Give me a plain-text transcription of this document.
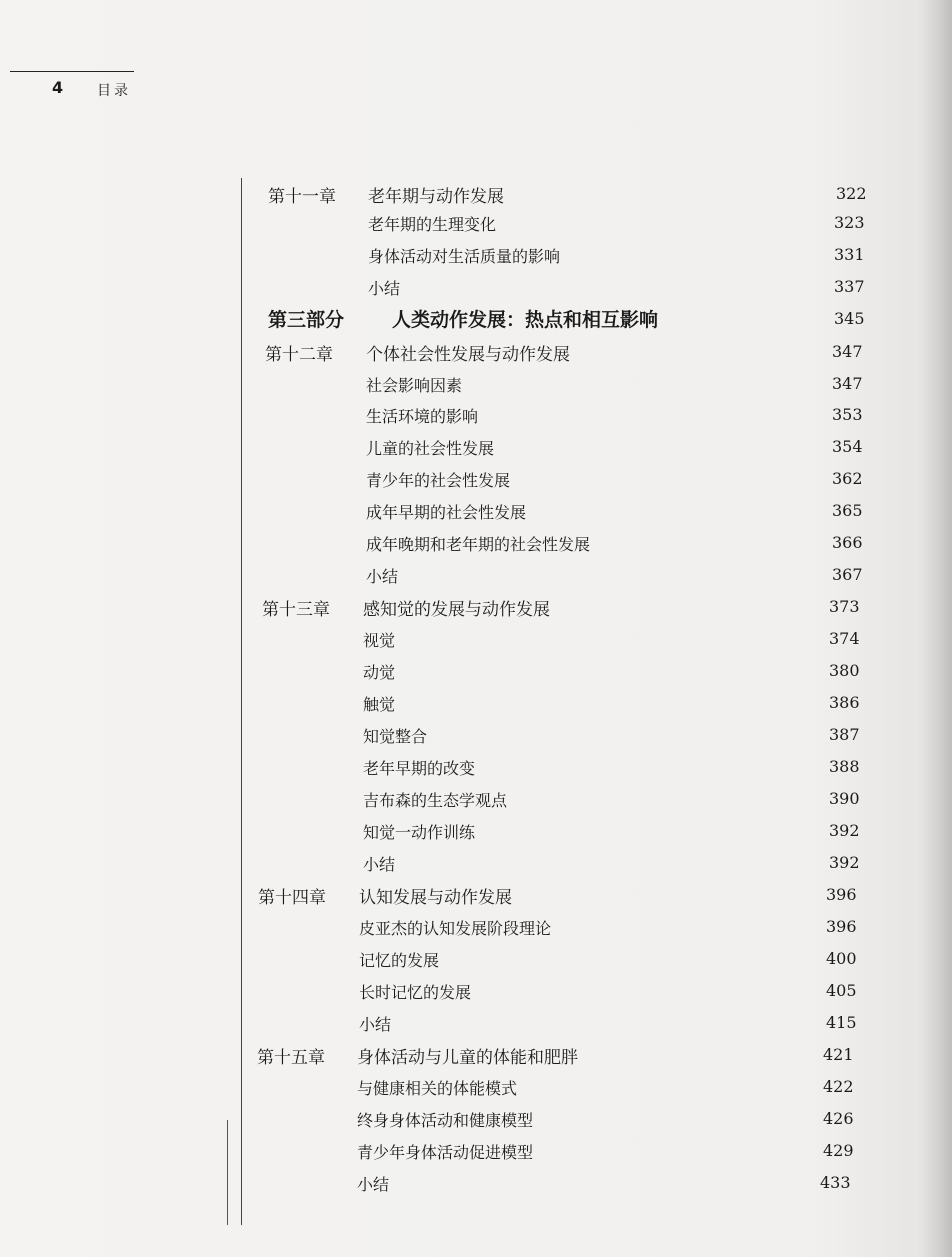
4 目录
第十一章 老年期与动作发展	322
老年期的生理变化	323
身体活动对生活质量的影响	331
小结	337
第三部分	人类动作发展：热点和相互影响	345
第十二章 个体社会性发展与动作发展	347
社会影响因素	347
生活环境的影响	353
儿童的社会性发展	354
青少年的社会性发展	362
成年早期的社会性发展	365
成年晚期和老年期的社会性发展	366
小结	367
第十三章 感知觉的发展与动作发展	373
视觉	374
动觉	380
触觉	386
知觉整合	387
老年早期的改变	388
吉布森的生态学观点	390
知觉一动作训练	392
小结	392
第十四章 认知发展与动作发展	396
皮亚杰的认知发展阶段理论	396
记忆的发展	400
长时记忆的发展	405
小结	415
第十五章 身体活动与儿童的体能和肥胖	421
与健康相关的体能模式	422
终身身体活动和健康模型	426
青少年身体活动促进模型	429
小结	433
